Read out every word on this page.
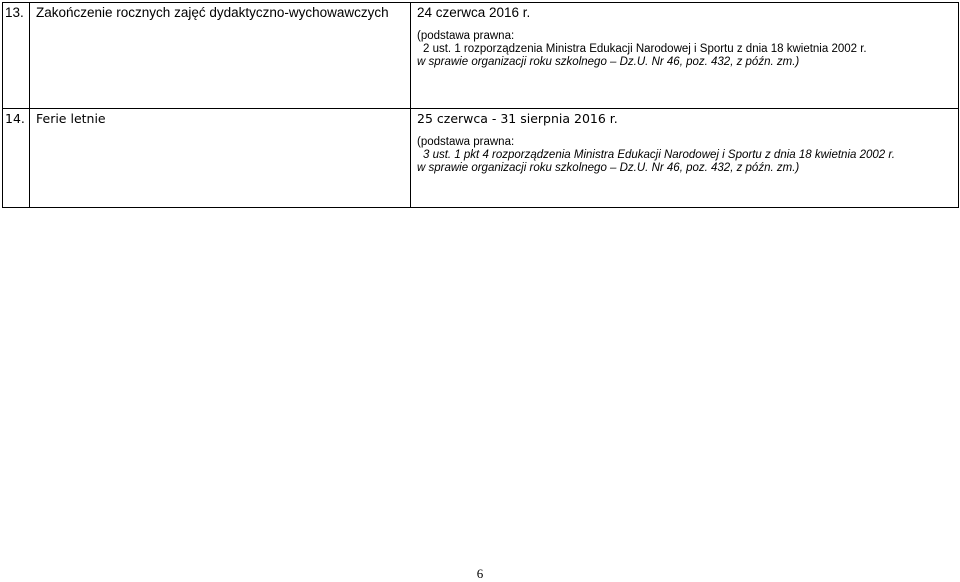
13.	Zakończenie rocznych zajęć dydaktyczno-wychowawczych	24 czerwca 2016 r.
(podstawa prawna:
2 ust. 1 rozporządzenia Ministra Edukacji Narodowej i Sportu z dnia 18 kwietnia 2002 r.
w sprawie organizacji roku szkolnego – Dz.U. Nr 46, poz. 432, z późn. zm.)

14.	Ferie letnie	25 czerwca - 31 sierpnia 2016 r.
(podstawa prawna:
3 ust. 1 pkt 4 rozporządzenia Ministra Edukacji Narodowej i Sportu z dnia 18 kwietnia 2002 r.
w sprawie organizacji roku szkolnego – Dz.U. Nr 46, poz. 432, z późn. zm.)
6
